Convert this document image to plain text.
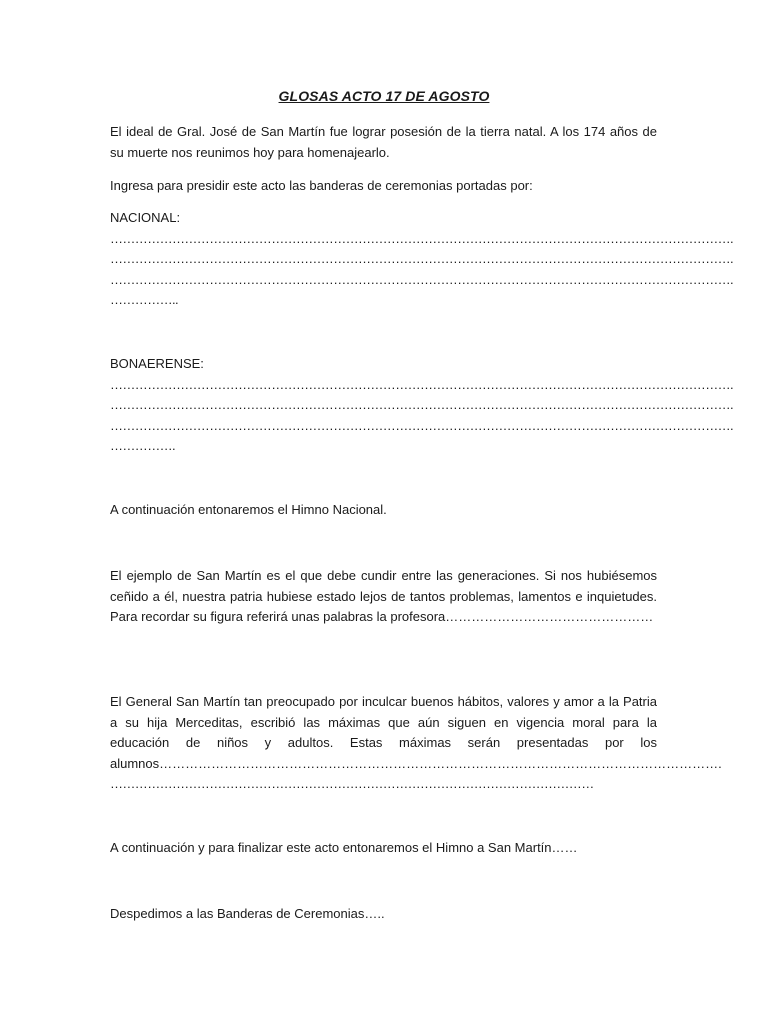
GLOSAS ACTO 17 DE AGOSTO

El ideal de Gral. José de San Martín fue lograr posesión de la tierra natal. A los 174 años de su muerte nos reunimos hoy para homenajearlo.

Ingresa para presidir este acto las banderas de ceremonias portadas por:

NACIONAL:
…………………………………………………………………………………………………………………………………….
…………………………………………………………………………………………………………………………………….
…………………………………………………………………………………………………………………………………….
……………..
BONAERENSE:
…………………………………………………………………………………………………………………………………….
…………………………………………………………………………………………………………………………………….
…………………………………………………………………………………………………………………………………….
…………….

A continuación entonaremos el Himno Nacional.

El ejemplo de San Martín es el que debe cundir entre las generaciones. Si nos hubiésemos ceñido a él, nuestra patria hubiese estado lejos de tantos problemas, lamentos e inquietudes. Para recordar su figura referirá unas palabras la profesora…………………………………………

El General San Martín tan preocupado por inculcar buenos hábitos, valores y amor a la Patria a su hija Merceditas, escribió las máximas que aún siguen en vigencia moral para la educación de niños y adultos. Estas máximas serán presentadas por los alumnos………………………………………………………………………………………………………………….

………………………………………………………………………………………………………

A continuación y para finalizar este acto entonaremos el Himno a San Martín……

Despedimos a las Banderas de Ceremonias…..
